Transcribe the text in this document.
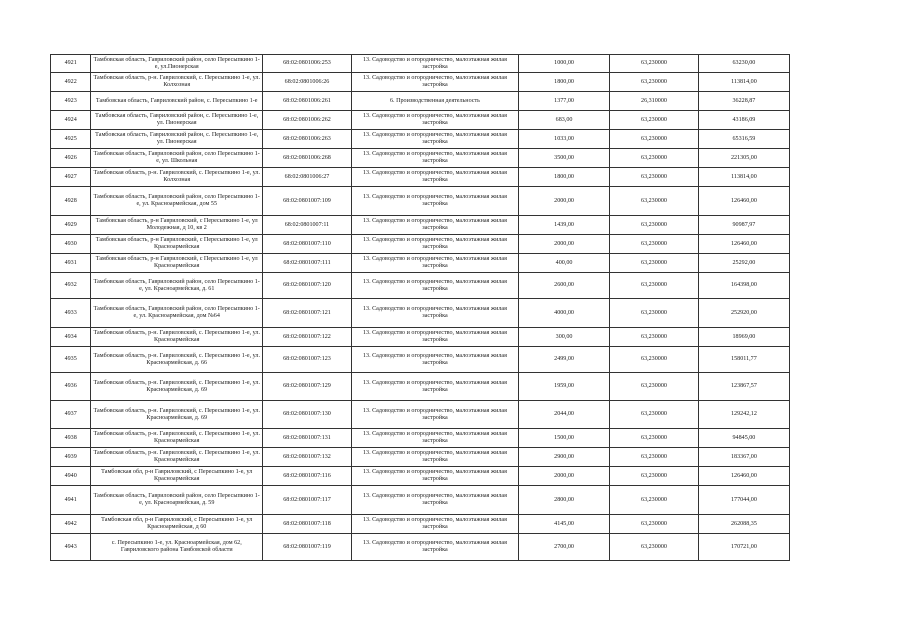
4921	Тамбовская область, Гавриловский район, село Пересыпкино 1-е, ул.Пионерская	68:02:0801006:253	13. Садоводство и огородничество, малоэтажная жилая застройка	1000,00	63,230000	63230,00
4922	Тамбовская область, р-н. Гавриловский, с. Пересыпкино 1-е, ул. Колхозная	68:02:0801006:26	13. Садоводство и огородничество, малоэтажная жилая застройка	1800,00	63,230000	113814,00
4923	Тамбовская область, Гавриловский район, с. Пересыпкино 1-е	68:02:0801006:261	6. Производственная деятельность	1377,00	26,310000	36228,87
4924	Тамбовская область, Гавриловский район, с. Пересыпкино 1-е, ул. Пионерская	68:02:0801006:262	13. Садоводство и огородничество, малоэтажная жилая застройка	683,00	63,230000	43186,09
4925	Тамбовская область, Гавриловский район, с. Пересыпкино 1-е, ул. Пионерская	68:02:0801006:263	13. Садоводство и огородничество, малоэтажная жилая застройка	1033,00	63,230000	65316,59
4926	Тамбовская область, Гавриловский район, село Пересыпкино 1-е, ул. Школьная	68:02:0801006:268	13. Садоводство и огородничество, малоэтажная жилая застройка	3500,00	63,230000	221305,00
4927	Тамбовская область, р-н. Гавриловский, с. Пересыпкино 1-е, ул. Колхозная	68:02:0801006:27	13. Садоводство и огородничество, малоэтажная жилая застройка	1800,00	63,230000	113814,00
4928	Тамбовская область, Гавриловский район, село Пересыпкино 1-е, ул. Красноармейская, дом 55	68:02:0801007:109	13. Садоводство и огородничество, малоэтажная жилая застройка	2000,00	63,230000	126460,00
4929	Тамбовская область, р-н Гавриловский, с Пересыпкино 1-е, ул Молодежная, д 10, кв 2	68:02:0801007:11	13. Садоводство и огородничество, малоэтажная жилая застройка	1439,00	63,230000	90987,97
4930	Тамбовская область, р-н Гавриловский, с Пересыпкино 1-е, ул Красноармейская	68:02:0801007:110	13. Садоводство и огородничество, малоэтажная жилая застройка	2000,00	63,230000	126460,00
4931	Тамбовская область, р-н Гавриловский, с Пересыпкино 1-е, ул Красноармейская	68:02:0801007:111	13. Садоводство и огородничество, малоэтажная жилая застройка	400,00	63,230000	25292,00
4932	Тамбовская область, Гавриловский район, село Пересыпкино 1-е, ул. Красноармейская, д. 61	68:02:0801007:120	13. Садоводство и огородничество, малоэтажная жилая застройка	2600,00	63,230000	164398,00
4933	Тамбовская область, Гавриловский район, село Пересыпкино 1-е, ул. Красноармейская, дом №64	68:02:0801007:121	13. Садоводство и огородничество, малоэтажная жилая застройка	4000,00	63,230000	252920,00
4934	Тамбовская область, р-н. Гавриловский, с. Пересыпкино 1-е, ул. Красноармейская	68:02:0801007:122	13. Садоводство и огородничество, малоэтажная жилая застройка	300,00	63,230000	18969,00
4935	Тамбовская область, р-н. Гавриловский, с. Пересыпкино 1-е, ул. Красноармейская, д. 66	68:02:0801007:123	13. Садоводство и огородничество, малоэтажная жилая застройка	2499,00	63,230000	158011,77
4936	Тамбовская область, р-н. Гавриловский, с. Пересыпкино 1-е, ул. Красноармейская, д. 69	68:02:0801007:129	13. Садоводство и огородничество, малоэтажная жилая застройка	1959,00	63,230000	123867,57
4937	Тамбовская область, р-н. Гавриловский, с. Пересыпкино 1-е, ул. Красноармейская, д. 69	68:02:0801007:130	13. Садоводство и огородничество, малоэтажная жилая застройка	2044,00	63,230000	129242,12
4938	Тамбовская область, р-н. Гавриловский, с. Пересыпкино 1-е, ул. Красноармейская	68:02:0801007:131	13. Садоводство и огородничество, малоэтажная жилая застройка	1500,00	63,230000	94845,00
4939	Тамбовская область, р-н. Гавриловский, с. Пересыпкино 1-е, ул. Красноармейская	68:02:0801007:132	13. Садоводство и огородничество, малоэтажная жилая застройка	2900,00	63,230000	183367,00
4940	Тамбовская обл, р-н Гавриловский, с Пересыпкино 1-е, ул Красноармейская	68:02:0801007:116	13. Садоводство и огородничество, малоэтажная жилая застройка	2000,00	63,230000	126460,00
4941	Тамбовская область, Гавриловский район, село Пересыпкино 1-е, ул. Красноармейская, д. 59	68:02:0801007:117	13. Садоводство и огородничество, малоэтажная жилая застройка	2800,00	63,230000	177044,00
4942	Тамбовская обл, р-н Гавриловский, с Пересыпкино 1-е, ул Красноармейская, д 60	68:02:0801007:118	13. Садоводство и огородничество, малоэтажная жилая застройка	4145,00	63,230000	262088,35
4943	с. Пересыпкино 1-е, ул. Красноармейская, дом 62, Гавриловского района Тамбовской области	68:02:0801007:119	13. Садоводство и огородничество, малоэтажная жилая застройка	2700,00	63,230000	170721,00
